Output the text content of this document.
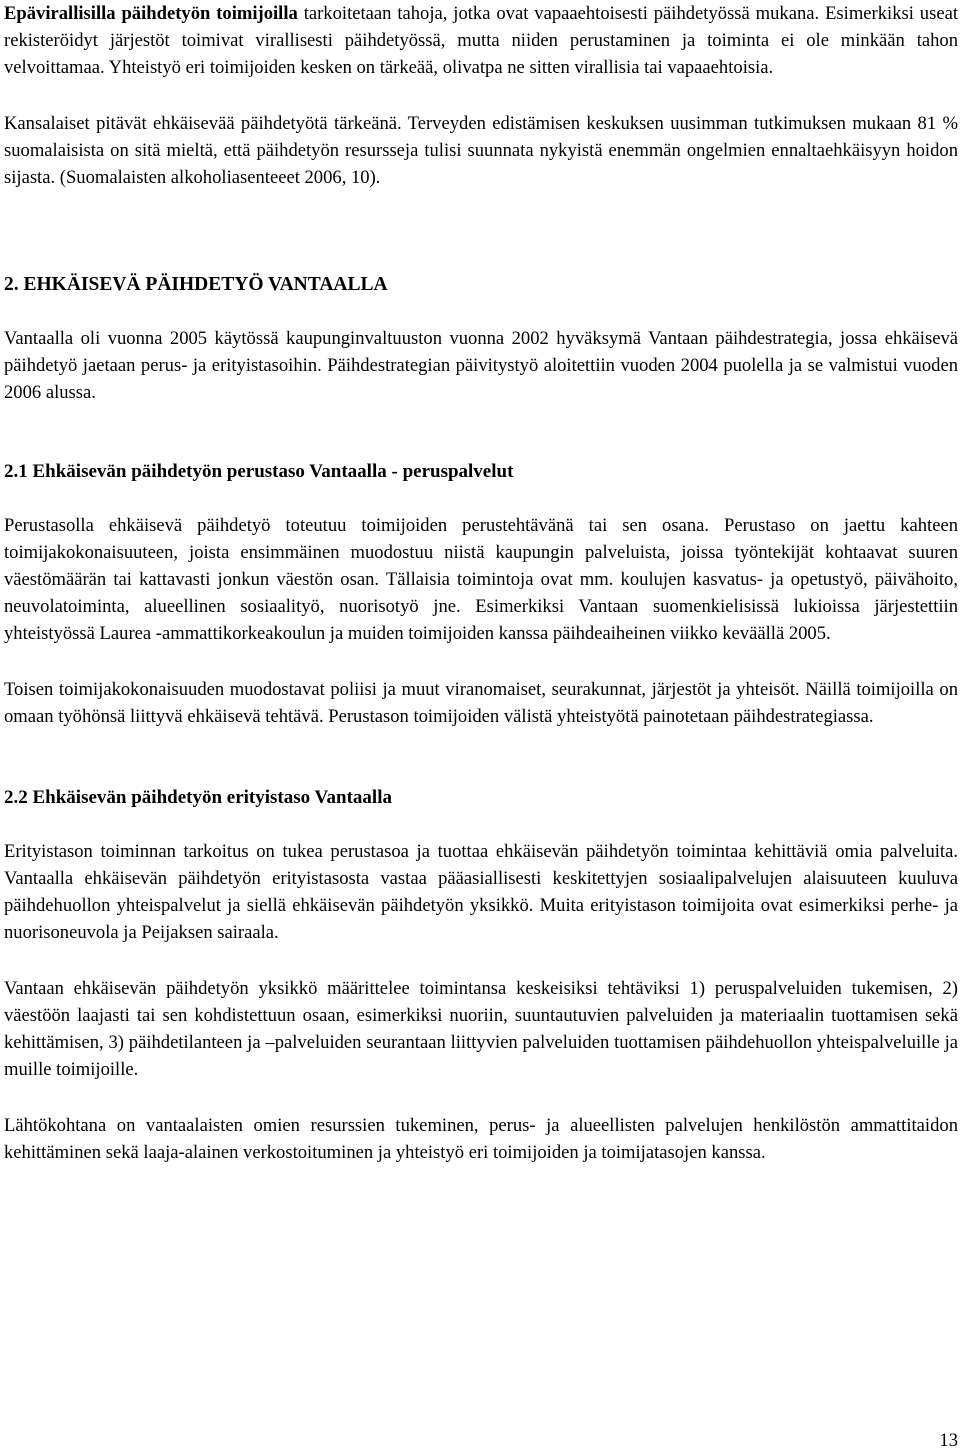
Epävirallisilla päihdetyön toimijoilla tarkoitetaan tahoja, jotka ovat vapaaehtoisesti päihdetyössä mukana. Esimerkiksi useat rekisteröidyt järjestöt toimivat virallisesti päihdetyössä, mutta niiden perustaminen ja toiminta ei ole minkään tahon velvoittamaa. Yhteistyö eri toimijoiden kesken on tärkeää, olivatpa ne sitten virallisia tai vapaaehtoisia.

Kansalaiset pitävät ehkäisevää päihdetyötä tärkeänä. Terveyden edistämisen keskuksen uusimman tutkimuksen mukaan 81 % suomalaisista on sitä mieltä, että päihdetyön resursseja tulisi suunnata nykyistä enemmän ongelmien ennaltaehkäisyyn hoidon sijasta. (Suomalaisten alkoholiasenteeet 2006, 10).

2. EHKÄISEVÄ PÄIHDETYÖ VANTAALLA

Vantaalla oli vuonna 2005 käytössä kaupunginvaltuuston vuonna 2002 hyväksymä Vantaan päihdestrategia, jossa ehkäisevä päihdetyö jaetaan perus- ja erityistasoihin. Päihdestrategian päivitystyö aloitettiin vuoden 2004 puolella ja se valmistui vuoden 2006 alussa.

2.1 Ehkäisevän päihdetyön perustaso Vantaalla - peruspalvelut

Perustasolla ehkäisevä päihdetyö toteutuu toimijoiden perustehtävänä tai sen osana. Perustaso on jaettu kahteen toimijakokonaisuuteen, joista ensimmäinen muodostuu niistä kaupungin palveluista, joissa työntekijät kohtaavat suuren väestömäärän tai kattavasti jonkun väestön osan. Tällaisia toimintoja ovat mm. koulujen kasvatus- ja opetustyö, päivähoito, neuvolatoiminta, alueellinen sosiaalityö, nuorisotyö jne. Esimerkiksi Vantaan suomenkielisissä lukioissa järjestettiin yhteistyössä Laurea -ammattikorkeakoulun ja muiden toimijoiden kanssa päihdeaiheinen viikko keväällä 2005.

Toisen toimijakokonaisuuden muodostavat poliisi ja muut viranomaiset, seurakunnat, järjestöt ja yhteisöt. Näillä toimijoilla on omaan työhönsä liittyvä ehkäisevä tehtävä. Perustason toimijoiden välistä yhteistyötä painotetaan päihdestrategiassa.

2.2 Ehkäisevän päihdetyön erityistaso Vantaalla

Erityistason toiminnan tarkoitus on tukea perustasoa ja tuottaa ehkäisevän päihdetyön toimintaa kehittäviä omia palveluita. Vantaalla ehkäisevän päihdetyön erityistasosta vastaa pääasiallisesti keskitettyjen sosiaalipalvelujen alaisuuteen kuuluva päihdehuollon yhteispalvelut ja siellä ehkäisevän päihdetyön yksikkö. Muita erityistason toimijoita ovat esimerkiksi perhe- ja nuorisoneuvola ja Peijaksen sairaala.

Vantaan ehkäisevän päihdetyön yksikkö määrittelee toimintansa keskeisiksi tehtäviksi 1) peruspalveluiden tukemisen, 2) väestöön laajasti tai sen kohdistettuun osaan, esimerkiksi nuoriin, suuntautuvien palveluiden ja materiaalin tuottamisen sekä kehittämisen, 3) päihdetilanteen ja –palveluiden seurantaan liittyvien palveluiden tuottamisen päihdehuollon yhteispalveluille ja muille toimijoille.

Lähtökohtana on vantaalaisten omien resurssien tukeminen, perus- ja alueellisten palvelujen henkilöstön ammattitaidon kehittäminen sekä laaja-alainen verkostoituminen ja yhteistyö eri toimijoiden ja toimijatasojen kanssa.

13
